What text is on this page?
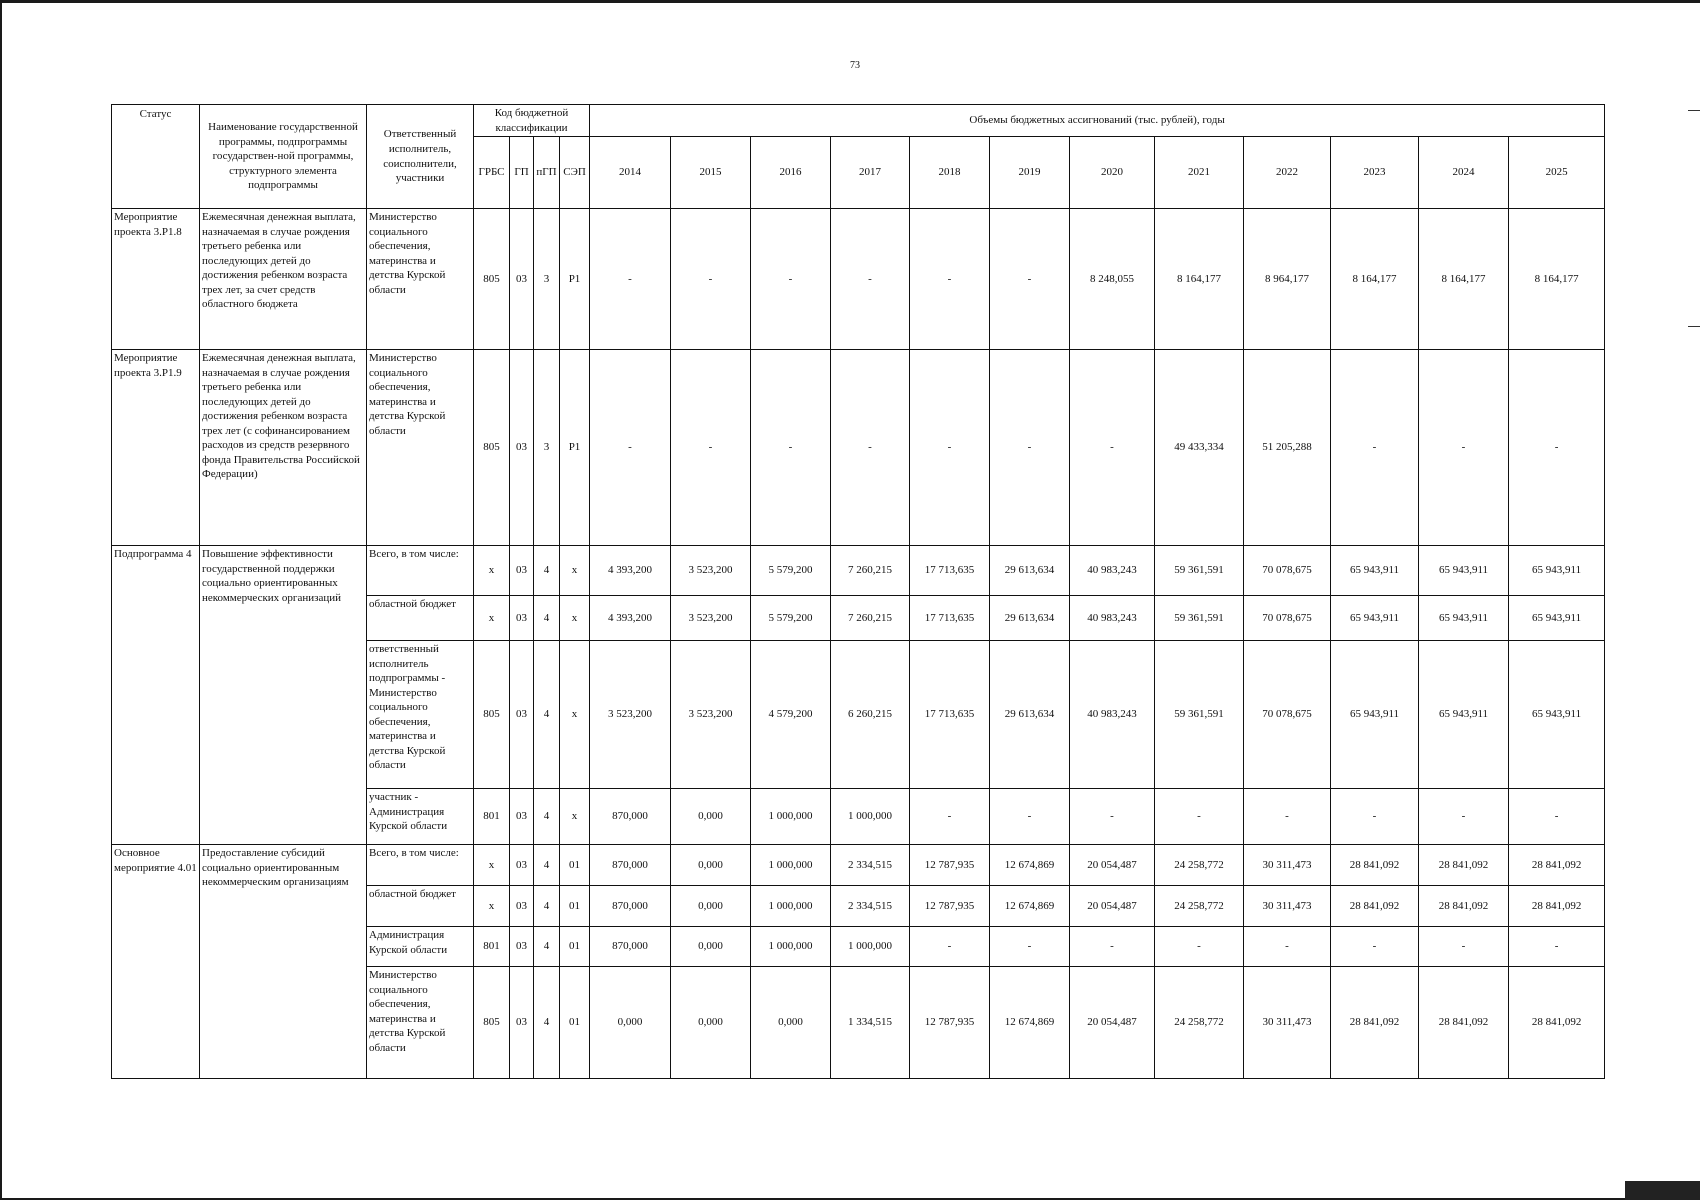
73
Статус	Наименование государственной программы, подпрограммы государствен-ной программы, структурного элемента подпрограммы	Ответственный исполнитель, соисполнители, участники	Код бюджетной классификации				Объемы бюджетных ассигнований (тыс. рублей), годы											
			ГРБС	ГП	пГП	СЭП	2014	2015	2016	2017	2018	2019	2020	2021	2022	2023	2024	2025
Мероприятие проекта 3.Р1.8	Ежемесячная денежная выплата, назначаемая в случае рождения третьего ребенка или последующих детей до достижения ребенком возраста трех лет, за счет средств областного бюджета	Министерство социального обеспечения, материнства и детства Курской области	805	03	3	Р1	-	-	-	-	-	-	8 248,055	8 164,177	8 964,177	8 164,177	8 164,177	8 164,177
Мероприятие проекта 3.Р1.9	Ежемесячная денежная выплата, назначаемая в случае рождения третьего ребенка или последующих детей до достижения ребенком возраста трех лет (с софинансированием расходов из средств резервного фонда Правительства Российской Федерации)	Министерство социального обеспечения, материнства и детства Курской области	805	03	3	Р1	-	-	-	-	-	-	-	49 433,334	51 205,288	-	-	-
Подпрограмма 4	Повышение эффективности государственной поддержки социально ориентированных некоммерческих организаций	Всего, в том числе:	х	03	4	х	4 393,200	3 523,200	5 579,200	7 260,215	17 713,635	29 613,634	40 983,243	59 361,591	70 078,675	65 943,911	65 943,911	65 943,911
		областной бюджет	х	03	4	х	4 393,200	3 523,200	5 579,200	7 260,215	17 713,635	29 613,634	40 983,243	59 361,591	70 078,675	65 943,911	65 943,911	65 943,911
		ответственный исполнитель подпрограммы - Министерство социального обеспечения, материнства и детства Курской области	805	03	4	х	3 523,200	3 523,200	4 579,200	6 260,215	17 713,635	29 613,634	40 983,243	59 361,591	70 078,675	65 943,911	65 943,911	65 943,911
		участник - Администрация Курской области	801	03	4	х	870,000	0,000	1 000,000	1 000,000	-	-	-	-	-	-	-	-
Основное мероприятие 4.01	Предоставление субсидий социально ориентированным некоммерческим организациям	Всего, в том числе:	х	03	4	01	870,000	0,000	1 000,000	2 334,515	12 787,935	12 674,869	20 054,487	24 258,772	30 311,473	28 841,092	28 841,092	28 841,092
		областной бюджет	х	03	4	01	870,000	0,000	1 000,000	2 334,515	12 787,935	12 674,869	20 054,487	24 258,772	30 311,473	28 841,092	28 841,092	28 841,092
		Администрация Курской области	801	03	4	01	870,000	0,000	1 000,000	1 000,000	-	-	-	-	-	-	-	-
		Министерство социального обеспечения, материнства и детства Курской области	805	03	4	01	0,000	0,000	0,000	1 334,515	12 787,935	12 674,869	20 054,487	24 258,772	30 311,473	28 841,092	28 841,092	28 841,092
